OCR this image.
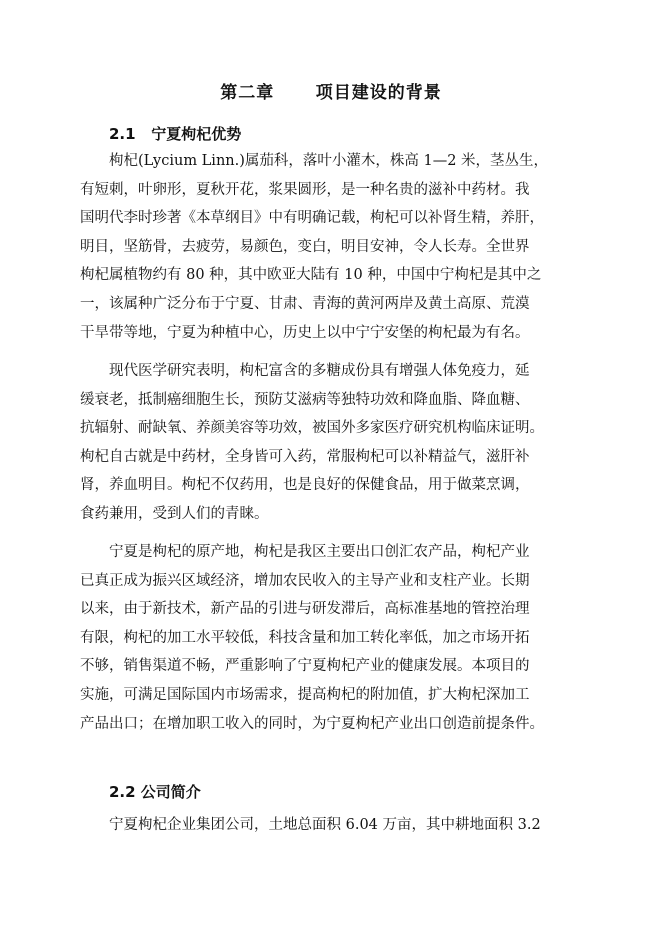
第二章      项目建设的背景
2.1   宁夏枸杞优势
枸杞(Lycium Linn.)属茄科，落叶小灌木，株高 1—2 米，茎丛生，
有短刺，叶卵形，夏秋开花，浆果圆形，是一种名贵的滋补中药材。我
国明代李时珍著《本草纲目》中有明确记载，枸杞可以补肾生精，养肝，
明目，坚筋骨，去疲劳，易颜色，变白，明目安神，令人长寿。全世界
枸杞属植物约有 80 种，其中欧亚大陆有 10 种，中国中宁枸杞是其中之
一，该属种广泛分布于宁夏、甘肃、青海的黄河两岸及黄土高原、荒漠
干旱带等地，宁夏为种植中心，历史上以中宁宁安堡的枸杞最为有名。
现代医学研究表明，枸杞富含的多糖成份具有增强人体免疫力，延
缓衰老，抵制癌细胞生长，预防艾滋病等独特功效和降血脂、降血糖、
抗辐射、耐缺氧、养颜美容等功效，被国外多家医疗研究机构临床证明。
枸杞自古就是中药材，全身皆可入药，常服枸杞可以补精益气，滋肝补
肾，养血明目。枸杞不仅药用，也是良好的保健食品，用于做菜烹调，
食药兼用，受到人们的青睐。
宁夏是枸杞的原产地，枸杞是我区主要出口创汇农产品，枸杞产业
已真正成为振兴区域经济，增加农民收入的主导产业和支柱产业。长期
以来，由于新技术，新产品的引进与研发滞后，高标准基地的管控治理
有限，枸杞的加工水平较低，科技含量和加工转化率低，加之市场开拓
不够，销售渠道不畅，严重影响了宁夏枸杞产业的健康发展。本项目的
实施，可满足国际国内市场需求，提高枸杞的附加值，扩大枸杞深加工
产品出口；在增加职工收入的同时，为宁夏枸杞产业出口创造前提条件。
2.2 公司简介
宁夏枸杞企业集团公司，土地总面积 6.04 万亩，其中耕地面积 3.2
